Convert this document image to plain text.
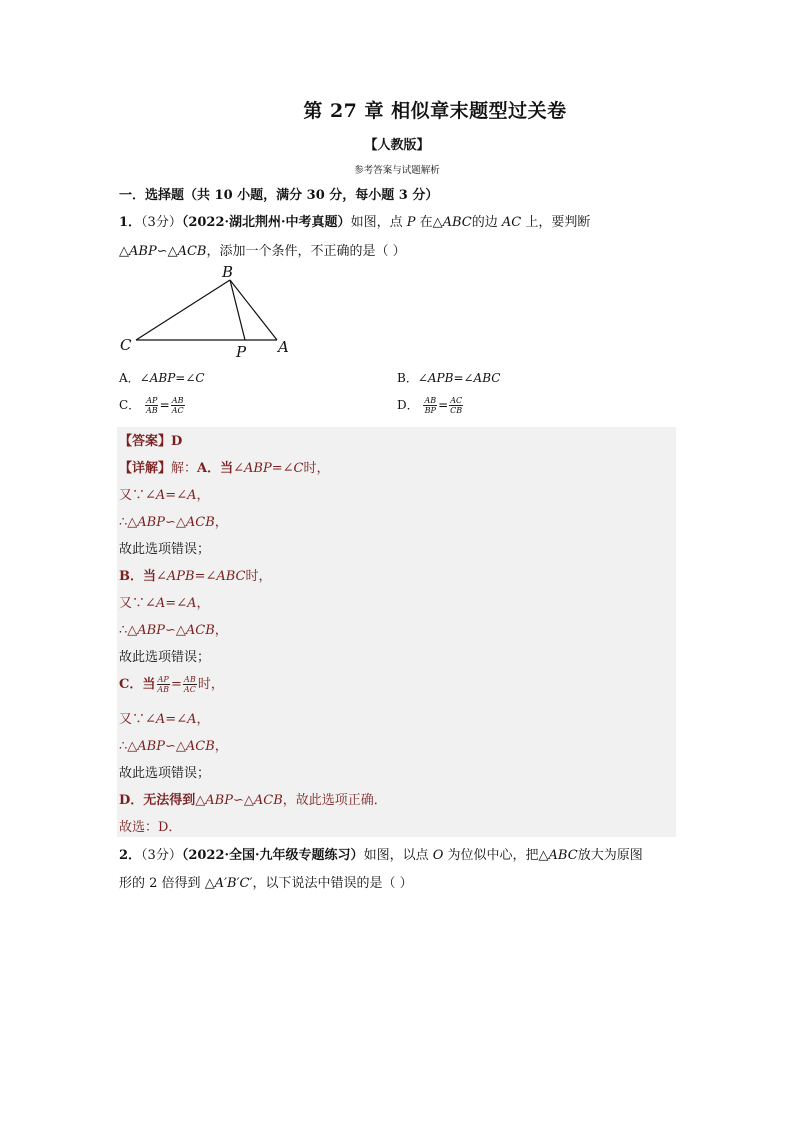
第 27 章 相似章末题型过关卷
【人教版】
参考答案与试题解析
一．选择题（共 10 小题，满分 30 分，每小题 3 分）
1．（3分）（2022·湖北荆州·中考真题）如图，点 P 在△ABC的边 AC 上，要判断
△ABP∽△ACB，添加一个条件，不正确的是（ ）
B
C	P A
A．∠ABP=∠C	B．∠APB=∠ABC
C． $\frac{AP}{AB} = \frac{AB}{AC}$	D． $\frac{AB}{BP} = \frac{AC}{CB}$
【答案】D
【详解】解：A．当∠ABP=∠C时，
又∵∠A=∠A，
∴△ABP∽△ACB，
故此选项错误；
B．当∠APB=∠ABC时，
又∵∠A=∠A，
∴△ABP∽△ACB，
故此选项错误；
C．当 $\frac{AP}{AB} = \frac{AB}{AC}$ 时，
又∵∠A=∠A，
∴△ABP∽△ACB，
故此选项错误；
D．无法得到△ABP∽△ACB，故此选项正确．
故选：D．
2．（3分）（2022·全国·九年级专题练习）如图，以点 O 为位似中心，把△ABC放大为原图
形的 2 倍得到 △A′B′C′，以下说法中错误的是（ ）
